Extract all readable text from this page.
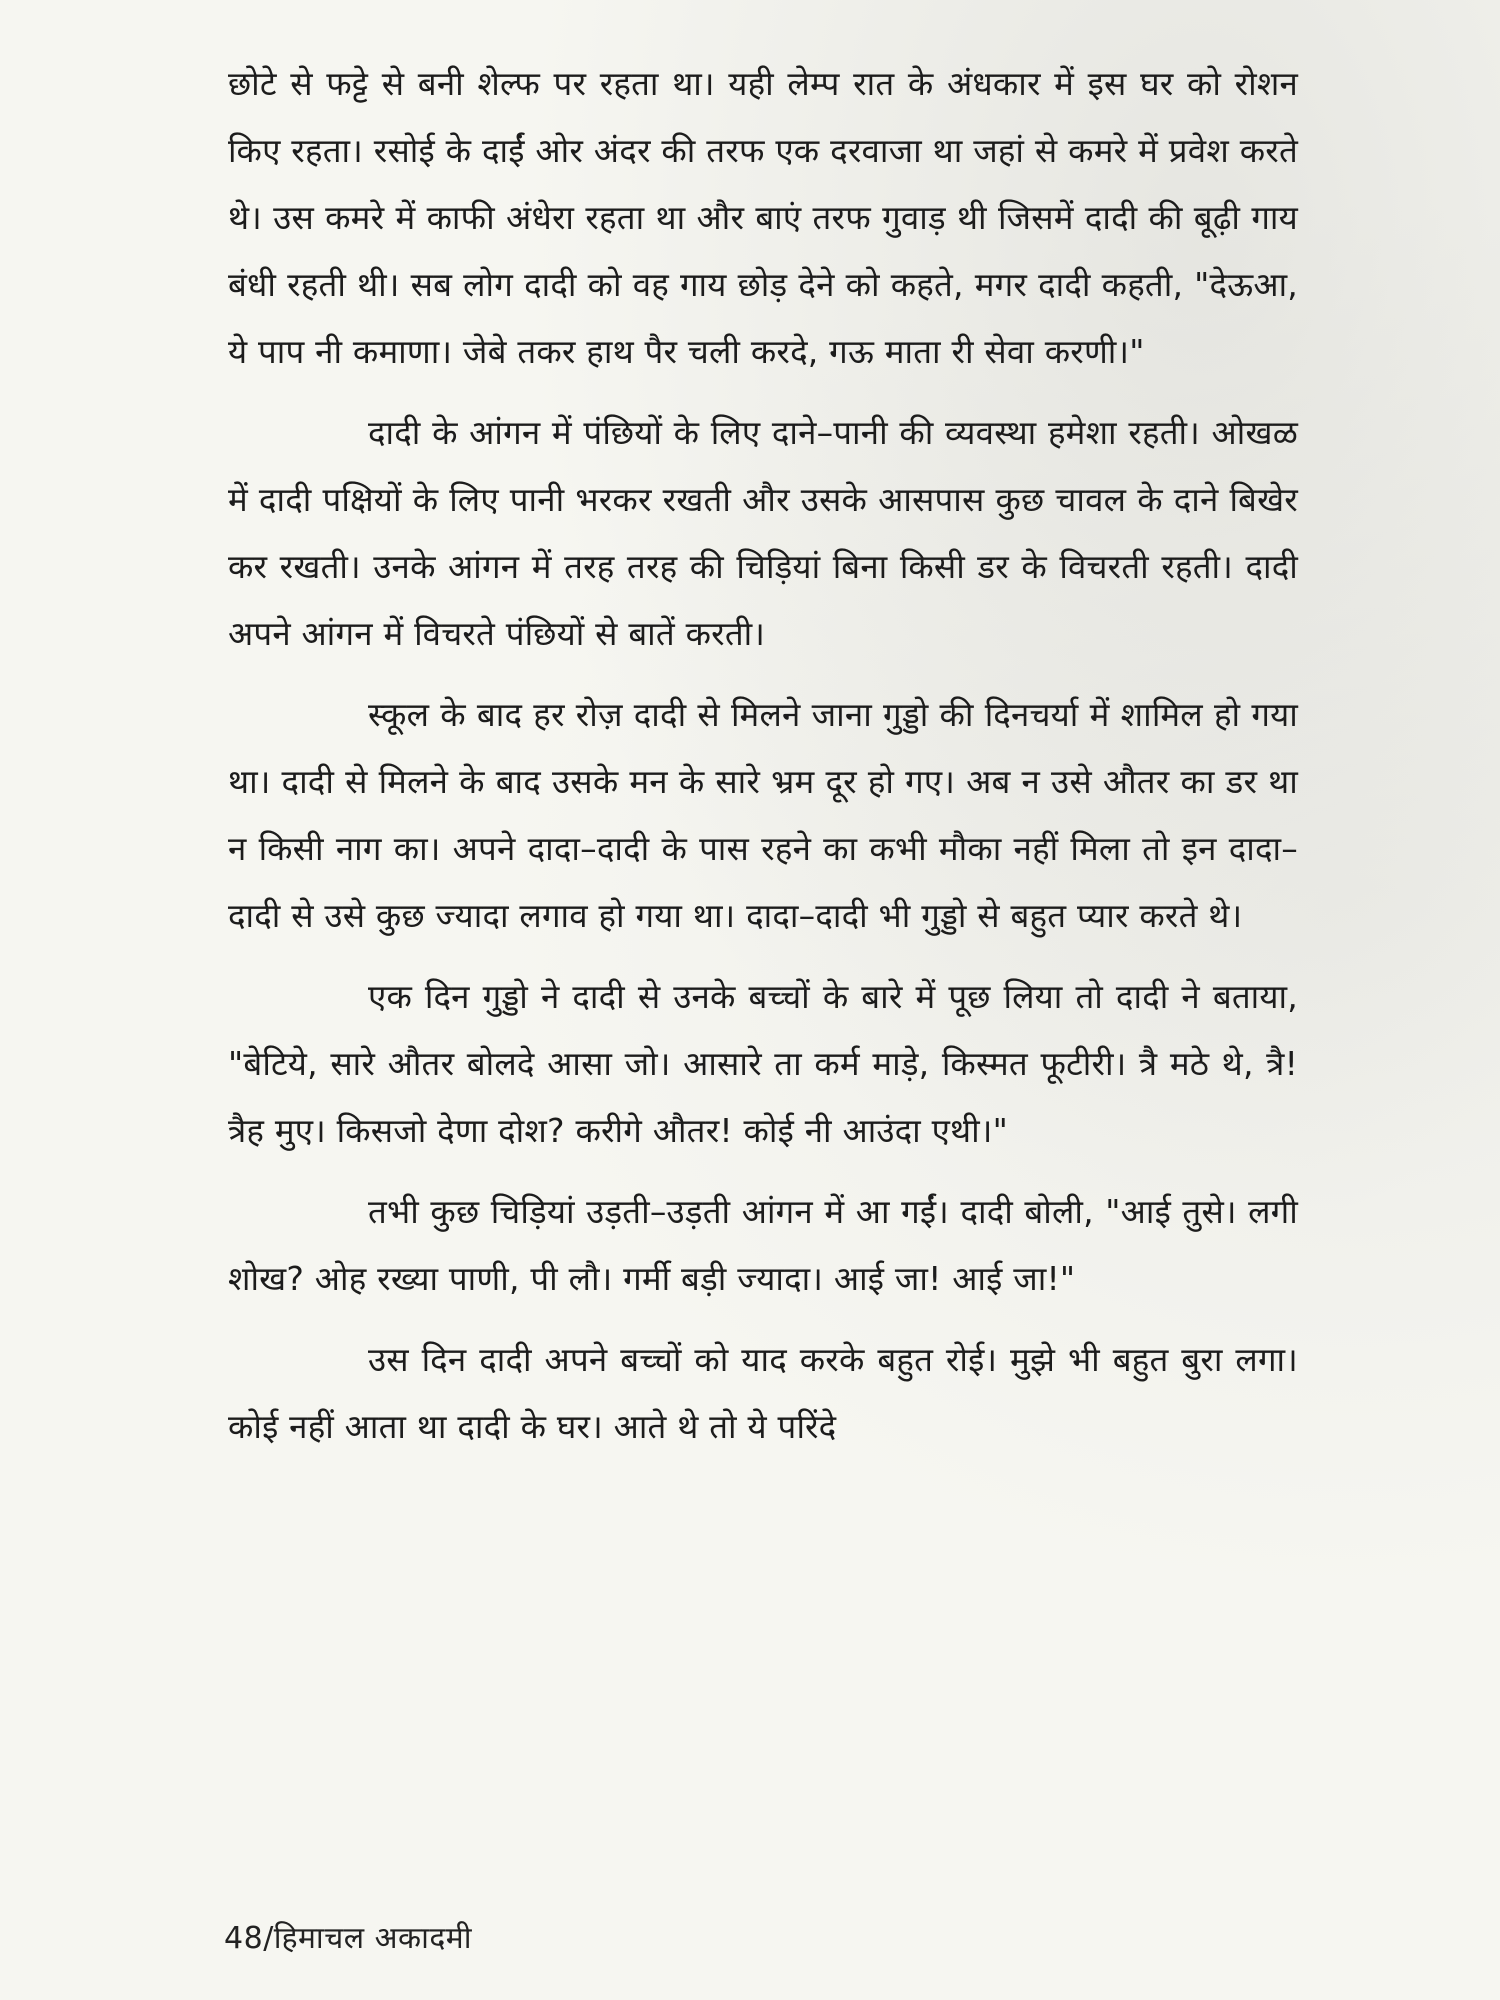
छोटे से फट्टे से बनी शेल्फ पर रहता था। यही लेम्प रात के अंधकार में इस घर को रोशन किए रहता। रसोई के दाईं ओर अंदर की तरफ एक दरवाजा था जहां से कमरे में प्रवेश करते थे। उस कमरे में काफी अंधेरा रहता था और बाएं तरफ गुवाड़ थी जिसमें दादी की बूढ़ी गाय बंधी रहती थी। सब लोग दादी को वह गाय छोड़ देने को कहते, मगर दादी कहती, "देऊआ, ये पाप नी कमाणा। जेबे तकर हाथ पैर चली करदे, गऊ माता री सेवा करणी।"

दादी के आंगन में पंछियों के लिए दाने–पानी की व्यवस्था हमेशा रहती। ओखळ में दादी पक्षियों के लिए पानी भरकर रखती और उसके आसपास कुछ चावल के दाने बिखेर कर रखती। उनके आंगन में तरह तरह की चिड़ियां बिना किसी डर के विचरती रहती। दादी अपने आंगन में विचरते पंछियों से बातें करती।

स्कूल के बाद हर रोज़ दादी से मिलने जाना गुड्डो की दिनचर्या में शामिल हो गया था। दादी से मिलने के बाद उसके मन के सारे भ्रम दूर हो गए। अब न उसे औतर का डर था न किसी नाग का। अपने दादा–दादी के पास रहने का कभी मौका नहीं मिला तो इन दादा–दादी से उसे कुछ ज्यादा लगाव हो गया था। दादा–दादी भी गुड्डो से बहुत प्यार करते थे।

एक दिन गुड्डो ने दादी से उनके बच्चों के बारे में पूछ लिया तो दादी ने बताया, "बेटिये, सारे औतर बोलदे आसा जो। आसारे ता कर्म माड़े, किस्मत फूटीरी। त्रै मठे थे, त्रै! त्रैह मुए। किसजो देणा दोश? करीगे औतर! कोई नी आउंदा एथी।"

तभी कुछ चिड़ियां उड़ती–उड़ती आंगन में आ गईं। दादी बोली, "आई तुसे। लगी शोख? ओह रख्या पाणी, पी लौ। गर्मी बड़ी ज्यादा। आई जा! आई जा!"

उस दिन दादी अपने बच्चों को याद करके बहुत रोई। मुझे भी बहुत बुरा लगा। कोई नहीं आता था दादी के घर। आते थे तो ये परिंदे

48/हिमाचल अकादमी
